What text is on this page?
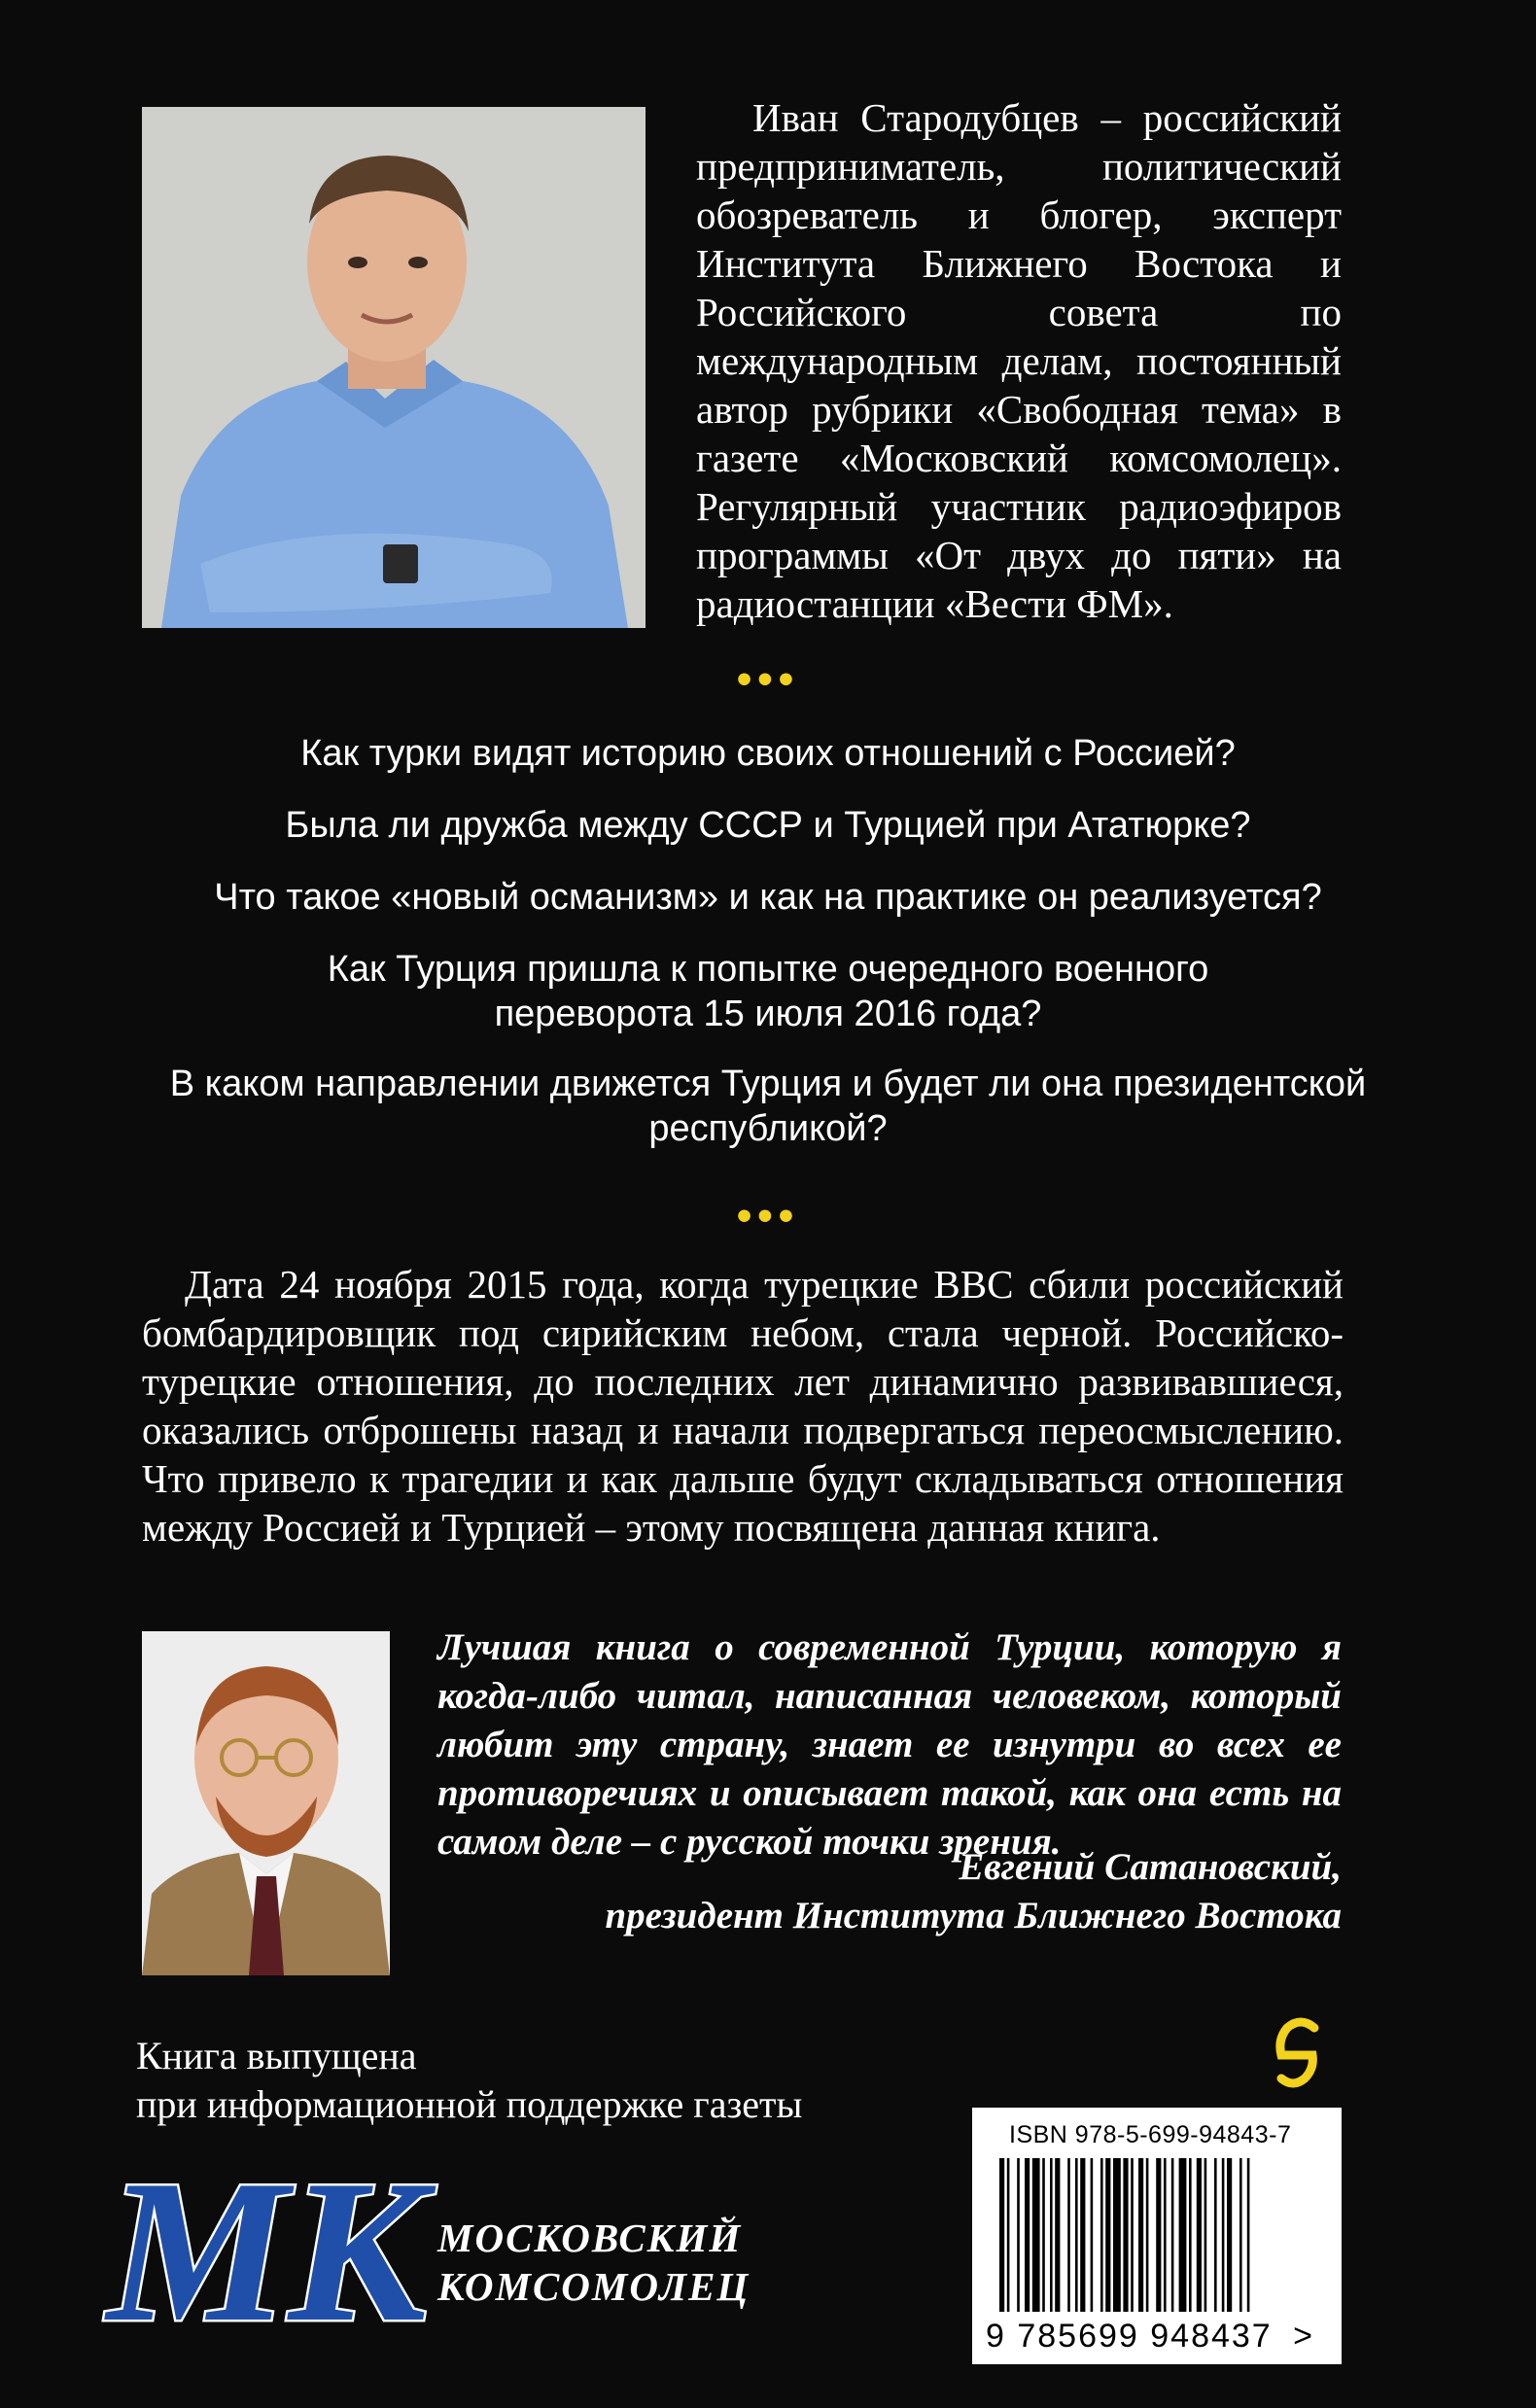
Иван Стародубцев – российский предприниматель, политический обозреватель и блогер, эксперт Института Ближнего Востока и Российского совета по международным делам, постоянный автор рубрики «Свободная тема» в газете «Московский комсомолец». Регулярный участник радиоэфиров программы «От двух до пяти» на радиостанции «Вести ФМ».

•••

Как турки видят историю своих отношений с Россией?

Была ли дружба между СССР и Турцией при Ататюрке?

Что такое «новый османизм» и как на практике он реализуется?

Как Турция пришла к попытке очередного военного переворота 15 июля 2016 года?

В каком направлении движется Турция и будет ли она президентской республикой?

•••

Дата 24 ноября 2015 года, когда турецкие ВВС сбили российский бомбардировщик под сирийским небом, стала черной. Российско-турецкие отношения, до последних лет динамично развивавшиеся, оказались отброшены назад и начали подвергаться переосмыслению. Что привело к трагедии и как дальше будут складываться отношения между Россией и Турцией – этому посвящена данная книга.

Лучшая книга о современной Турции, которую я когда-либо читал, написанная человеком, который любит эту страну, знает ее изнутри во всех ее противоречиях и описывает такой, как она есть на самом деле – с русской точки зрения.

Евгений Сатановский,
президент Института Ближнего Востока
Книга выпущена
при информационной поддержке газеты
МК МОСКОВСКИЙ
КОМСОМОЛЕЦ
ISBN 978-5-699-94843-7
9 785699 948437 >
